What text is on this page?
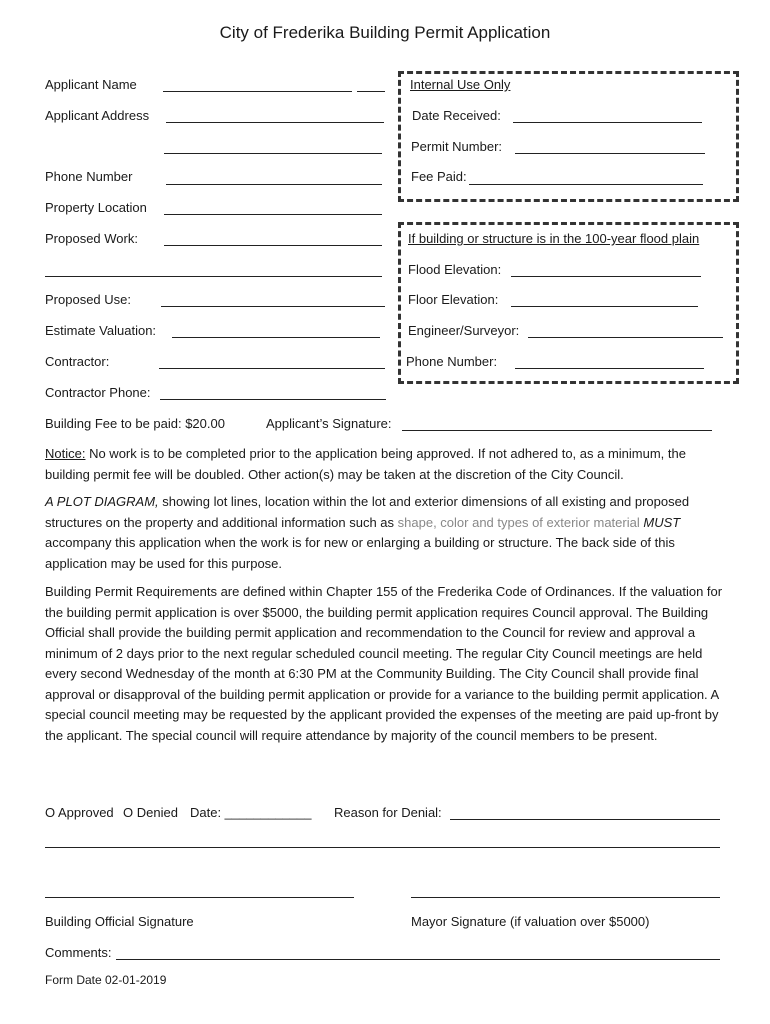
City of Frederika Building Permit Application
Applicant Name
Applicant Address
Phone Number
Property Location
Proposed Work:
Proposed Use:
Estimate Valuation:
Contractor:
Contractor Phone:
Building Fee to be paid: $20.00	Applicant’s Signature:
Internal Use Only
Date Received:
Permit Number:
Fee Paid:
If building or structure is in the 100-year flood plain
Flood Elevation:
Floor Elevation:
Engineer/Surveyor:
Phone Number:
Notice: No work is to be completed prior to the application being approved. If not adhered to, as a minimum, the building permit fee will be doubled. Other action(s) may be taken at the discretion of the City Council.
A PLOT DIAGRAM, showing lot lines, location within the lot and exterior dimensions of all existing and proposed structures on the property and additional information such as shape, color and types of exterior material MUST accompany this application when the work is for new or enlarging a building or structure. The back side of this application may be used for this purpose.
Building Permit Requirements are defined within Chapter 155 of the Frederika Code of Ordinances. If the valuation for the building permit application is over $5000, the building permit application requires Council approval. The Building Official shall provide the building permit application and recommendation to the Council for review and approval a minimum of 2 days prior to the next regular scheduled council meeting. The regular City Council meetings are held every second Wednesday of the month at 6:30 PM at the Community Building. The City Council shall provide final approval or disapproval of the building permit application or provide for a variance to the building permit application. A special council meeting may be requested by the applicant provided the expenses of the meeting are paid up-front by the applicant. The special council will require attendance by majority of the council members to be present.
O Approved O Denied Date: ____________ Reason for Denial:
Building Official Signature	Mayor Signature (if valuation over $5000)
Comments:
Form Date 02-01-2019
